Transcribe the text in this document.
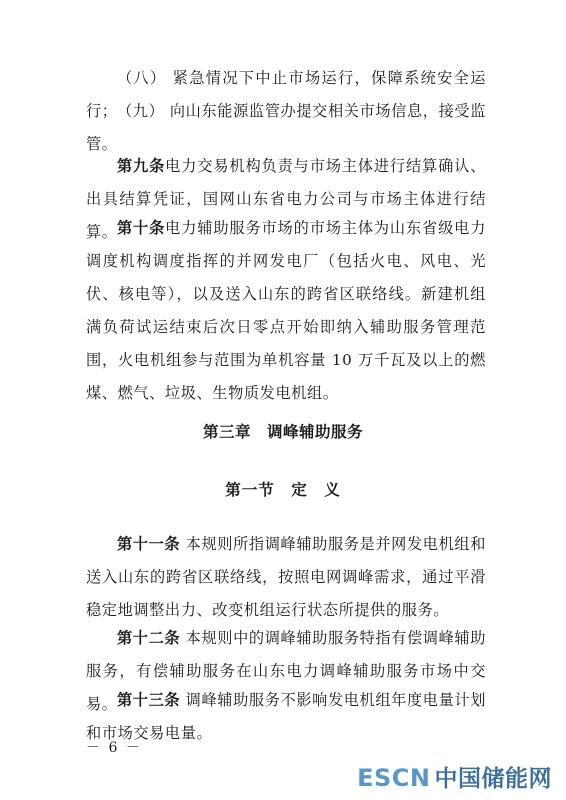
（八） 紧急情况下中止市场运行，保障系统安全运行； （九） 向山东能源监管办提交相关市场信息，接受监管。

第九条电力交易机构负责与市场主体进行结算确认、出具结算凭证，国网山东省电力公司与市场主体进行结算。 第十条电力辅助服务市场的市场主体为山东省级电力调度机构调度指挥的并网发电厂（包括火电、风电、光伏、核电等），以及送入山东的跨省区联络线。新建机组满负荷试运结束后次日零点开始即纳入辅助服务管理范围，火电机组参与范围为单机容量 10 万千瓦及以上的燃煤、燃气、垃圾、生物质发电机组。

第三章　调峰辅助服务
第一节　定　义

第十一条 本规则所指调峰辅助服务是并网发电机组和送入山东的跨省区联络线，按照电网调峰需求，通过平滑稳定地调整出力、改变机组运行状态所提供的服务。

第十二条 本规则中的调峰辅助服务特指有偿调峰辅助服务，有偿辅助服务在山东电力调峰辅助服务市场中交易。 第十三条 调峰辅助服务不影响发电机组年度电量计划和市场交易电量。

－ 6 －
ESCN 中国储能网
